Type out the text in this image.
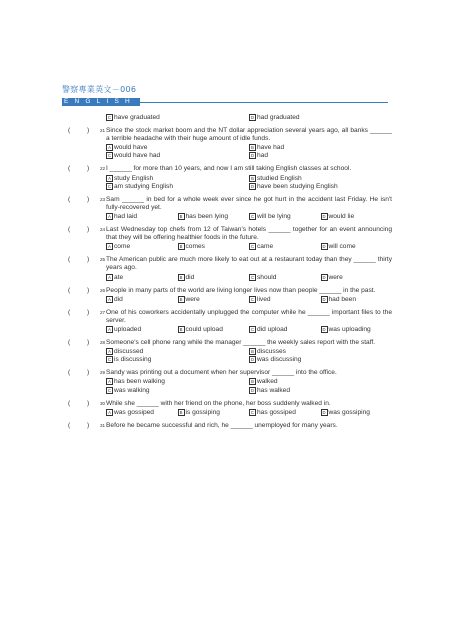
警察專業英文－006
ENGLISH
C have graduated	D had graduated
(	) 21 Since the stock market boom and the NT dollar appreciation several years ago, all banks ______ a terrible headache with their huge amount of idle funds.
A would have	B have had
C would have had	D had
(	) 22 I ______ for more than 10 years, and now I am still taking English classes at school.
A study English	B studied English
C am studying English	D have been studying English
(	) 23 Sam ______ in bed for a whole week ever since he got hurt in the accident last Friday. He isn't fully-recovered yet.
A had laid	B has been lying	C will be lying	D would lie
(	) 24 Last Wednesday top chefs from 12 of Taiwan's hotels ______ together for an event announcing that they will be offering healthier foods in the future.
A come	B comes	C came	D will come
(	) 25 The American public are much more likely to eat out at a restaurant today than they ______ thirty years ago.
A ate	B did	C should	D were
(	) 26 People in many parts of the world are living longer lives now than people ______ in the past.
A did	B were	C lived	D had been
(	) 27 One of his coworkers accidentally unplugged the computer while he ______ important files to the server.
A uploaded	B could upload	C did upload	D was uploading
(	) 28 Someone's cell phone rang while the manager ______ the weekly sales report with the staff.
A discussed	B discusses
C is discussing	D was discussing
(	) 29 Sandy was printing out a document when her supervisor ______ into the office.
A has been walking	B walked
C was walking	D has walked
(	) 30 While she ______ with her friend on the phone, her boss suddenly walked in.
A was gossiped	B is gossiping	C has gossiped	D was gossiping
(	) 31 Before he became successful and rich, he ______ unemployed for many years.
